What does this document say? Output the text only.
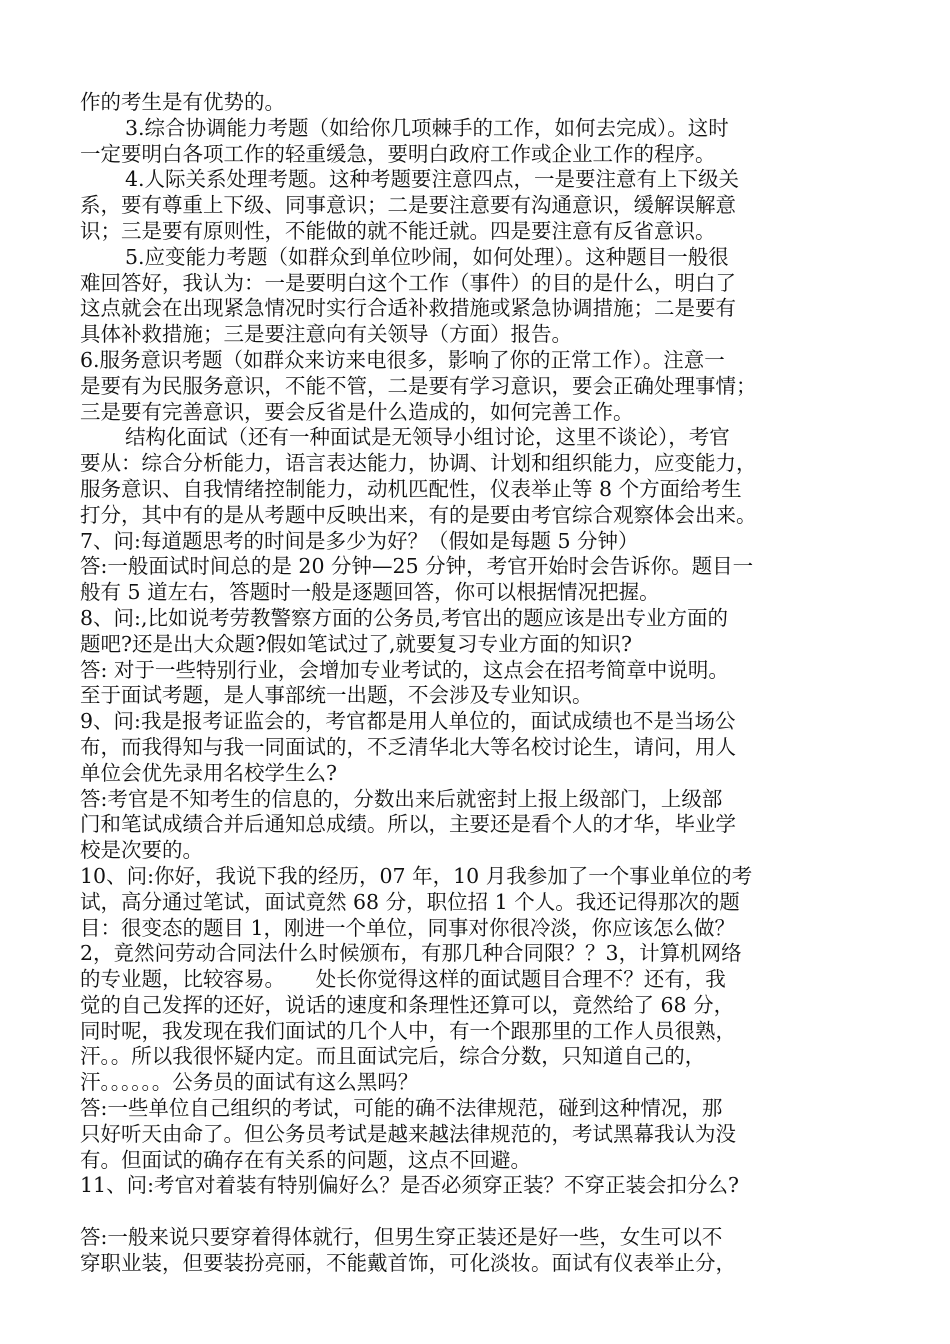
作的考生是有优势的。
3.综合协调能力考题（如给你几项棘手的工作，如何去完成）。这时
一定要明白各项工作的轻重缓急，要明白政府工作或企业工作的程序。
4.人际关系处理考题。这种考题要注意四点，一是要注意有上下级关
系，要有尊重上下级、同事意识；二是要注意要有沟通意识，缓解误解意
识；三是要有原则性，不能做的就不能迁就。四是要注意有反省意识。
5.应变能力考题（如群众到单位吵闹，如何处理）。这种题目一般很
难回答好，我认为：一是要明白这个工作（事件）的目的是什么，明白了
这点就会在出现紧急情况时实行合适补救措施或紧急协调措施；二是要有
具体补救措施；三是要注意向有关领导（方面）报告。
6.服务意识考题（如群众来访来电很多，影响了你的正常工作）。注意一
是要有为民服务意识，不能不管，二是要有学习意识，要会正确处理事情；
三是要有完善意识，要会反省是什么造成的，如何完善工作。
结构化面试（还有一种面试是无领导小组讨论，这里不谈论），考官
要从：综合分析能力，语言表达能力，协调、计划和组织能力，应变能力，
服务意识、自我情绪控制能力，动机匹配性，仪表举止等 8 个方面给考生
打分，其中有的是从考题中反映出来，有的是要由考官综合观察体会出来。
7、问:每道题思考的时间是多少为好？（假如是每题 5 分钟）
答:一般面试时间总的是 20 分钟—25 分钟，考官开始时会告诉你。题目一
般有 5 道左右，答题时一般是逐题回答，你可以根据情况把握。
8、问:,比如说考劳教警察方面的公务员,考官出的题应该是出专业方面的
题吧?还是出大众题?假如笔试过了,就要复习专业方面的知识?
答: 对于一些特别行业，会增加专业考试的，这点会在招考简章中说明。
至于面试考题，是人事部统一出题，不会涉及专业知识。
9、问:我是报考证监会的，考官都是用人单位的，面试成绩也不是当场公
布，而我得知与我一同面试的，不乏清华北大等名校讨论生，请问，用人
单位会优先录用名校学生么?
答:考官是不知考生的信息的，分数出来后就密封上报上级部门，上级部
门和笔试成绩合并后通知总成绩。所以，主要还是看个人的才华，毕业学
校是次要的。
10、问:你好，我说下我的经历，07 年，10 月我参加了一个事业单位的考
试，高分通过笔试，面试竟然 68 分，职位招 1 个人。我还记得那次的题
目：很变态的题目 1，刚进一个单位，同事对你很冷淡，你应该怎么做？
2，竟然问劳动合同法什么时候颁布，有那几种合同限？？3，计算机网络
的专业题，比较容易。　　处长你觉得这样的面试题目合理不？还有，我
觉的自己发挥的还好，说话的速度和条理性还算可以，竟然给了 68 分，
同时呢，我发现在我们面试的几个人中，有一个跟那里的工作人员很熟，
汗。。所以我很怀疑内定。而且面试完后，综合分数，只知道自己的，
汗。。。。。。公务员的面试有这么黑吗？
答:一些单位自己组织的考试，可能的确不法律规范，碰到这种情况，那
只好听天由命了。但公务员考试是越来越法律规范的，考试黑幕我认为没
有。但面试的确存在有关系的问题，这点不回避。
11、问:考官对着装有特别偏好么？是否必须穿正装？不穿正装会扣分么?
答:一般来说只要穿着得体就行，但男生穿正装还是好一些，女生可以不
穿职业装，但要装扮亮丽，不能戴首饰，可化淡妆。面试有仪表举止分，
